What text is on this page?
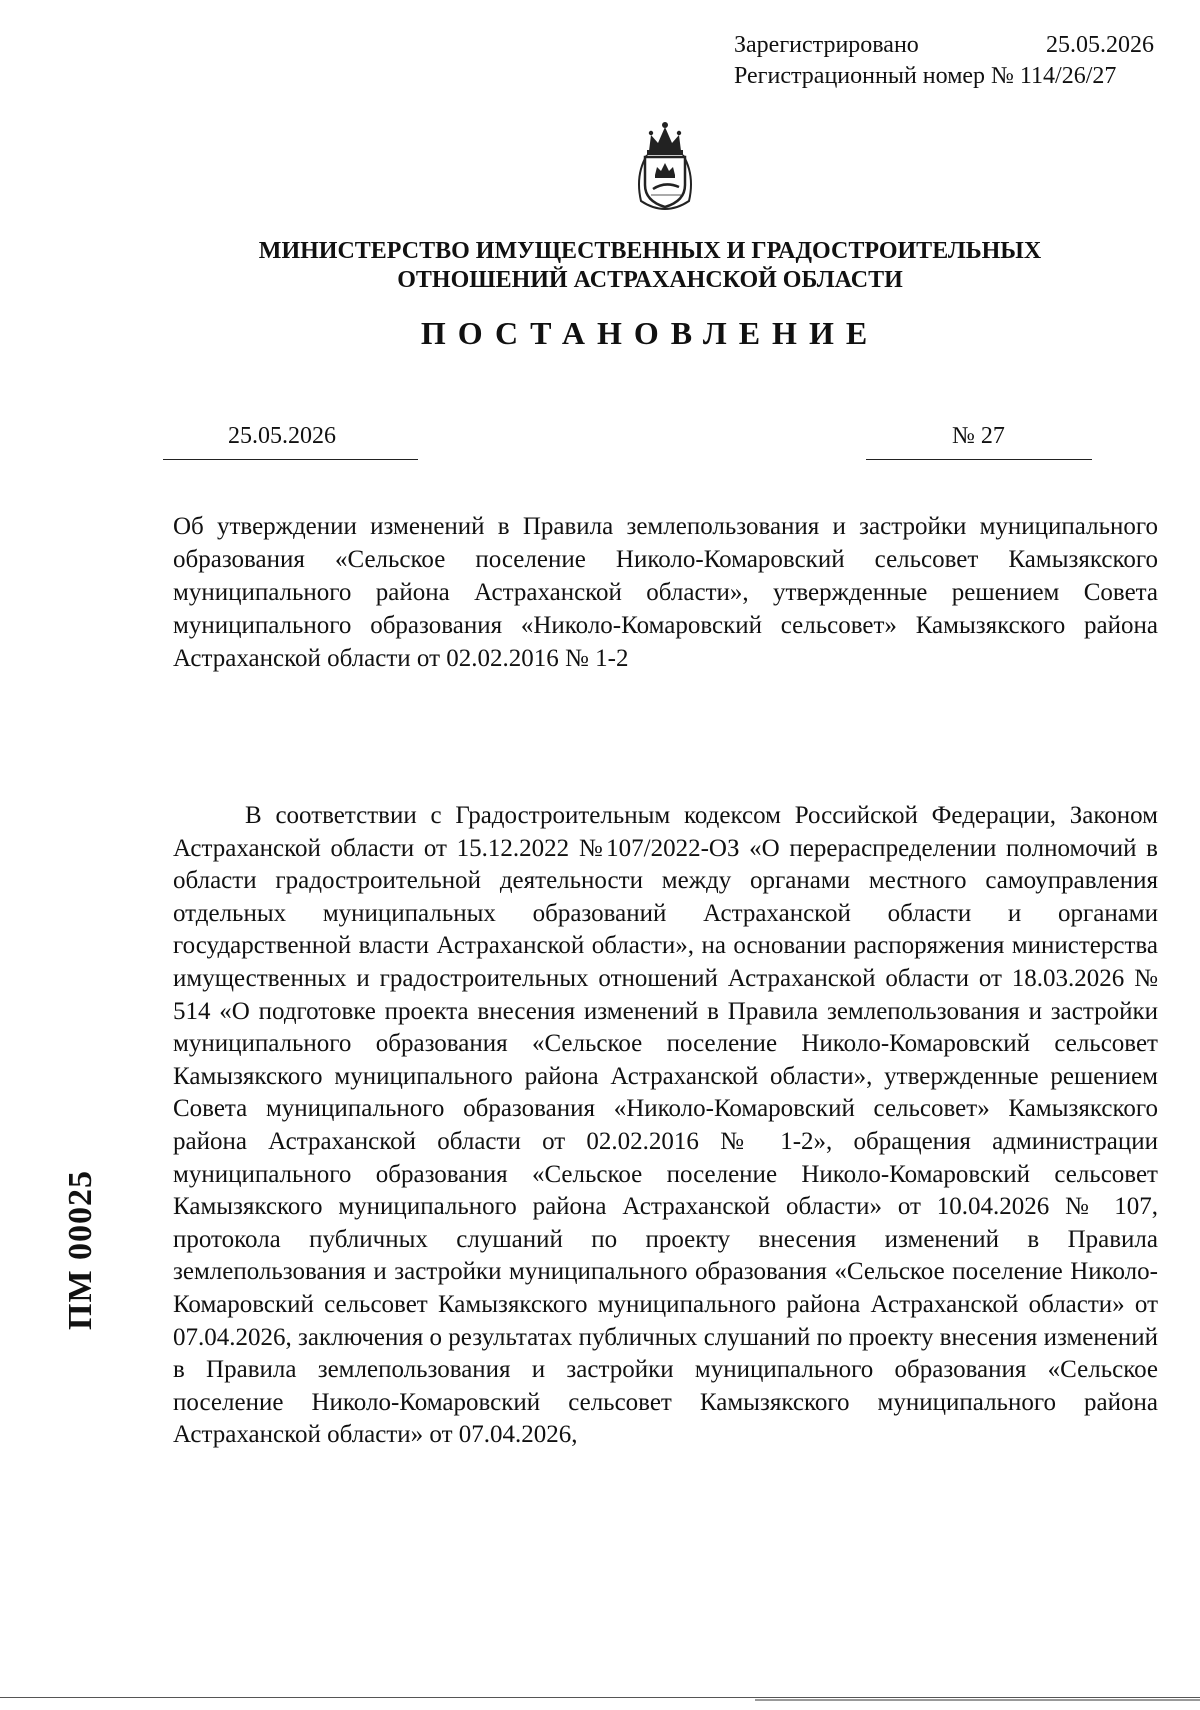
Зарегистрировано	25.05.2026
Регистрационный номер № 114/26/27
МИНИСТЕРСТВО ИМУЩЕСТВЕННЫХ И ГРАДОСТРОИТЕЛЬНЫХ
ОТНОШЕНИЙ АСТРАХАНСКОЙ ОБЛАСТИ
ПОСТАНОВЛЕНИЕ
25.05.2026	№ 27

Об утверждении изменений в Правила землепользования и застройки муниципального образования «Сельское поселение Николо-Комаровский сельсовет Камызякского муниципального района Астраханской области», утвержденные решением Совета муниципального образования «Николо-Комаровский сельсовет» Камызякского района Астраханской области от 02.02.2016 № 1-2

В соответствии с Градостроительным кодексом Российской Федерации, Законом Астраханской области от 15.12.2022 №107/2022-ОЗ «О перераспределении полномочий в области градостроительной деятельности между органами местного самоуправления отдельных муниципальных образований Астраханской области и органами государственной власти Астраханской области», на основании распоряжения министерства имущественных и градостроительных отношений Астраханской области от 18.03.2026 № 514 «О подготовке проекта внесения изменений в Правила землепользования и застройки муниципального образования «Сельское поселение Николо-Комаровский сельсовет Камызякского муниципального района Астраханской области», утвержденные решением Совета муниципального образования «Николо-Комаровский сельсовет» Камызякского района Астраханской области от 02.02.2016 № 1-2», обращения администрации муниципального образования «Сельское поселение Николо-Комаровский сельсовет Камызякского муниципального района Астраханской области» от 10.04.2026 № 107, протокола публичных слушаний по проекту внесения изменений в Правила землепользования и застройки муниципального образования «Сельское поселение Николо-Комаровский сельсовет Камызякского муниципального района Астраханской области» от 07.04.2026, заключения о результатах публичных слушаний по проекту внесения изменений в Правила землепользования и застройки муниципального образования «Сельское поселение Николо-Комаровский сельсовет Камызякского муниципального района Астраханской области» от 07.04.2026,

ПМ 00025
